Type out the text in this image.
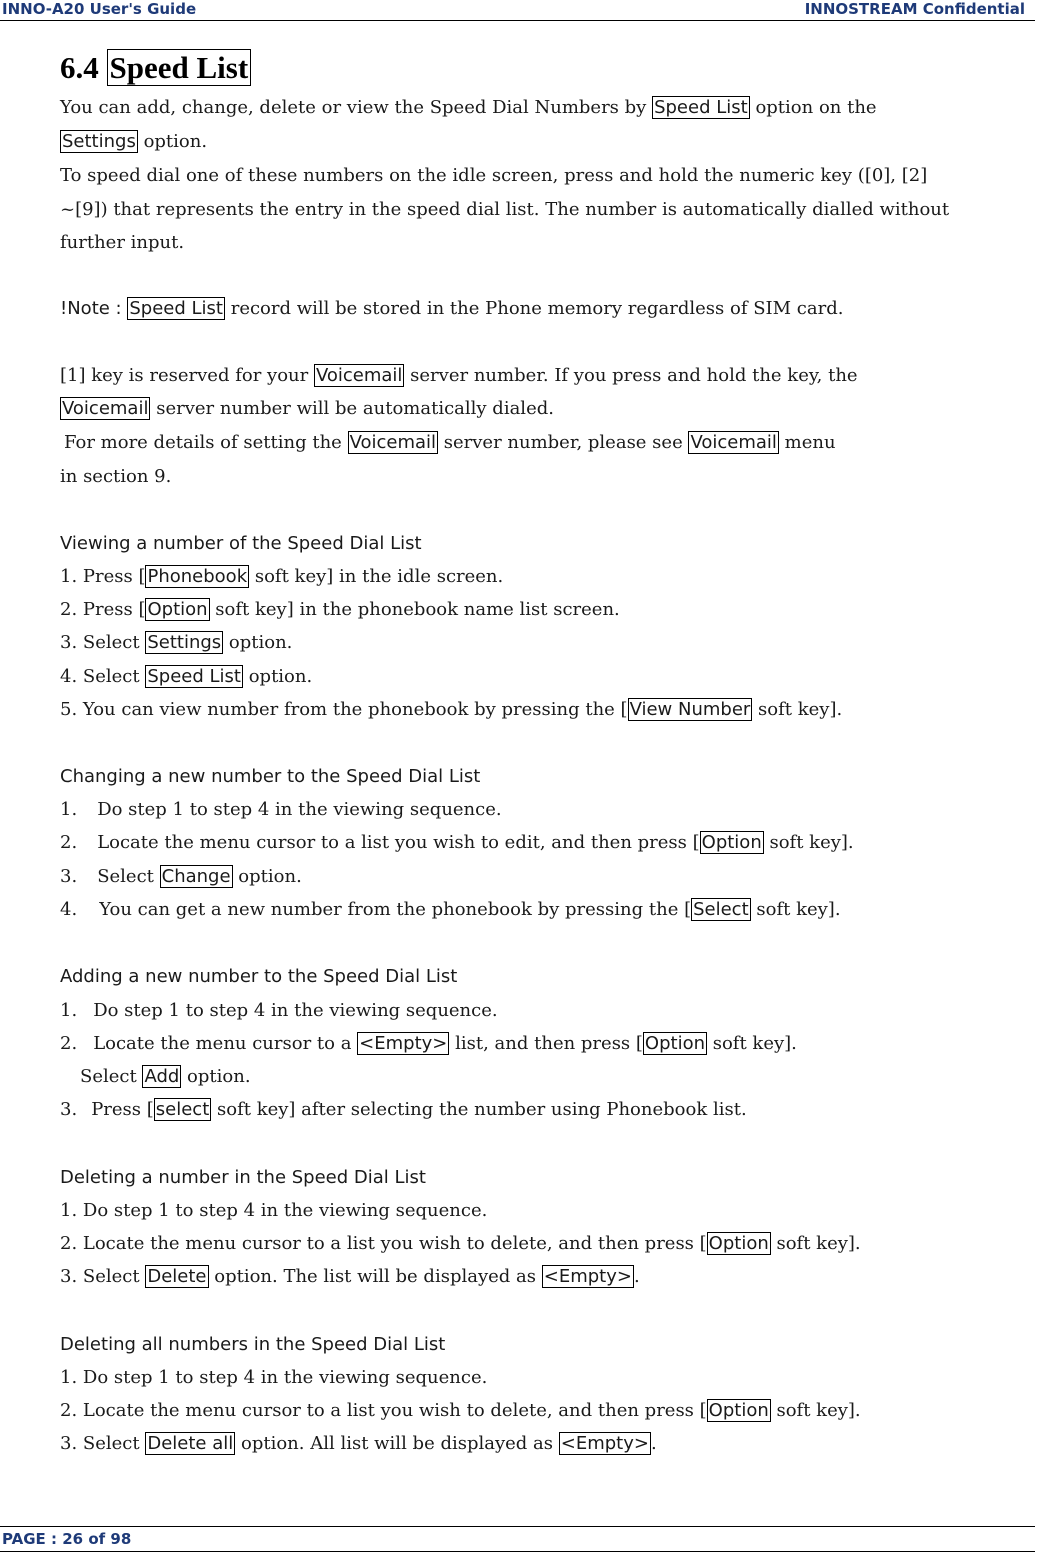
INNO-A20 User's Guide	INNOSTREAM Confidential
6.4 Speed List
You can add, change, delete or view the Speed Dial Numbers by Speed List option on the
Settings option.
To speed dial one of these numbers on the idle screen, press and hold the numeric key ([0], [2]
~[9]) that represents the entry in the speed dial list. The number is automatically dialled without
further input.
!Note : Speed List record will be stored in the Phone memory regardless of SIM card.
[1] key is reserved for your Voicemail server number. If you press and hold the key, the
Voicemail server number will be automatically dialed.
For more details of setting the Voicemail server number, please see Voicemail menu
in section 9.
Viewing a number of the Speed Dial List
1. Press [ Phonebook soft key] in the idle screen.
2. Press [ Option soft key] in the phonebook name list screen.
3. Select Settings option.
4. Select Speed List option.
5. You can view number from the phonebook by pressing the [ View Number soft key].
Changing a new number to the Speed Dial List
1. Do step 1 to step 4 in the viewing sequence.
2. Locate the menu cursor to a list you wish to edit, and then press [ Option soft key].
3. Select Change option.
4. You can get a new number from the phonebook by pressing the [ Select soft key].
Adding a new number to the Speed Dial List
1. Do step 1 to step 4 in the viewing sequence.
2. Locate the menu cursor to a <Empty> list, and then press [ Option soft key].
Select Add option.
3. Press [ select soft key] after selecting the number using Phonebook list.
Deleting a number in the Speed Dial List
1. Do step 1 to step 4 in the viewing sequence.
2. Locate the menu cursor to a list you wish to delete, and then press [ Option soft key].
3. Select Delete option. The list will be displayed as <Empty> .
Deleting all numbers in the Speed Dial List
1. Do step 1 to step 4 in the viewing sequence.
2. Locate the menu cursor to a list you wish to delete, and then press [ Option soft key].
3. Select Delete all option. All list will be displayed as <Empty> .
PAGE : 26 of 98
